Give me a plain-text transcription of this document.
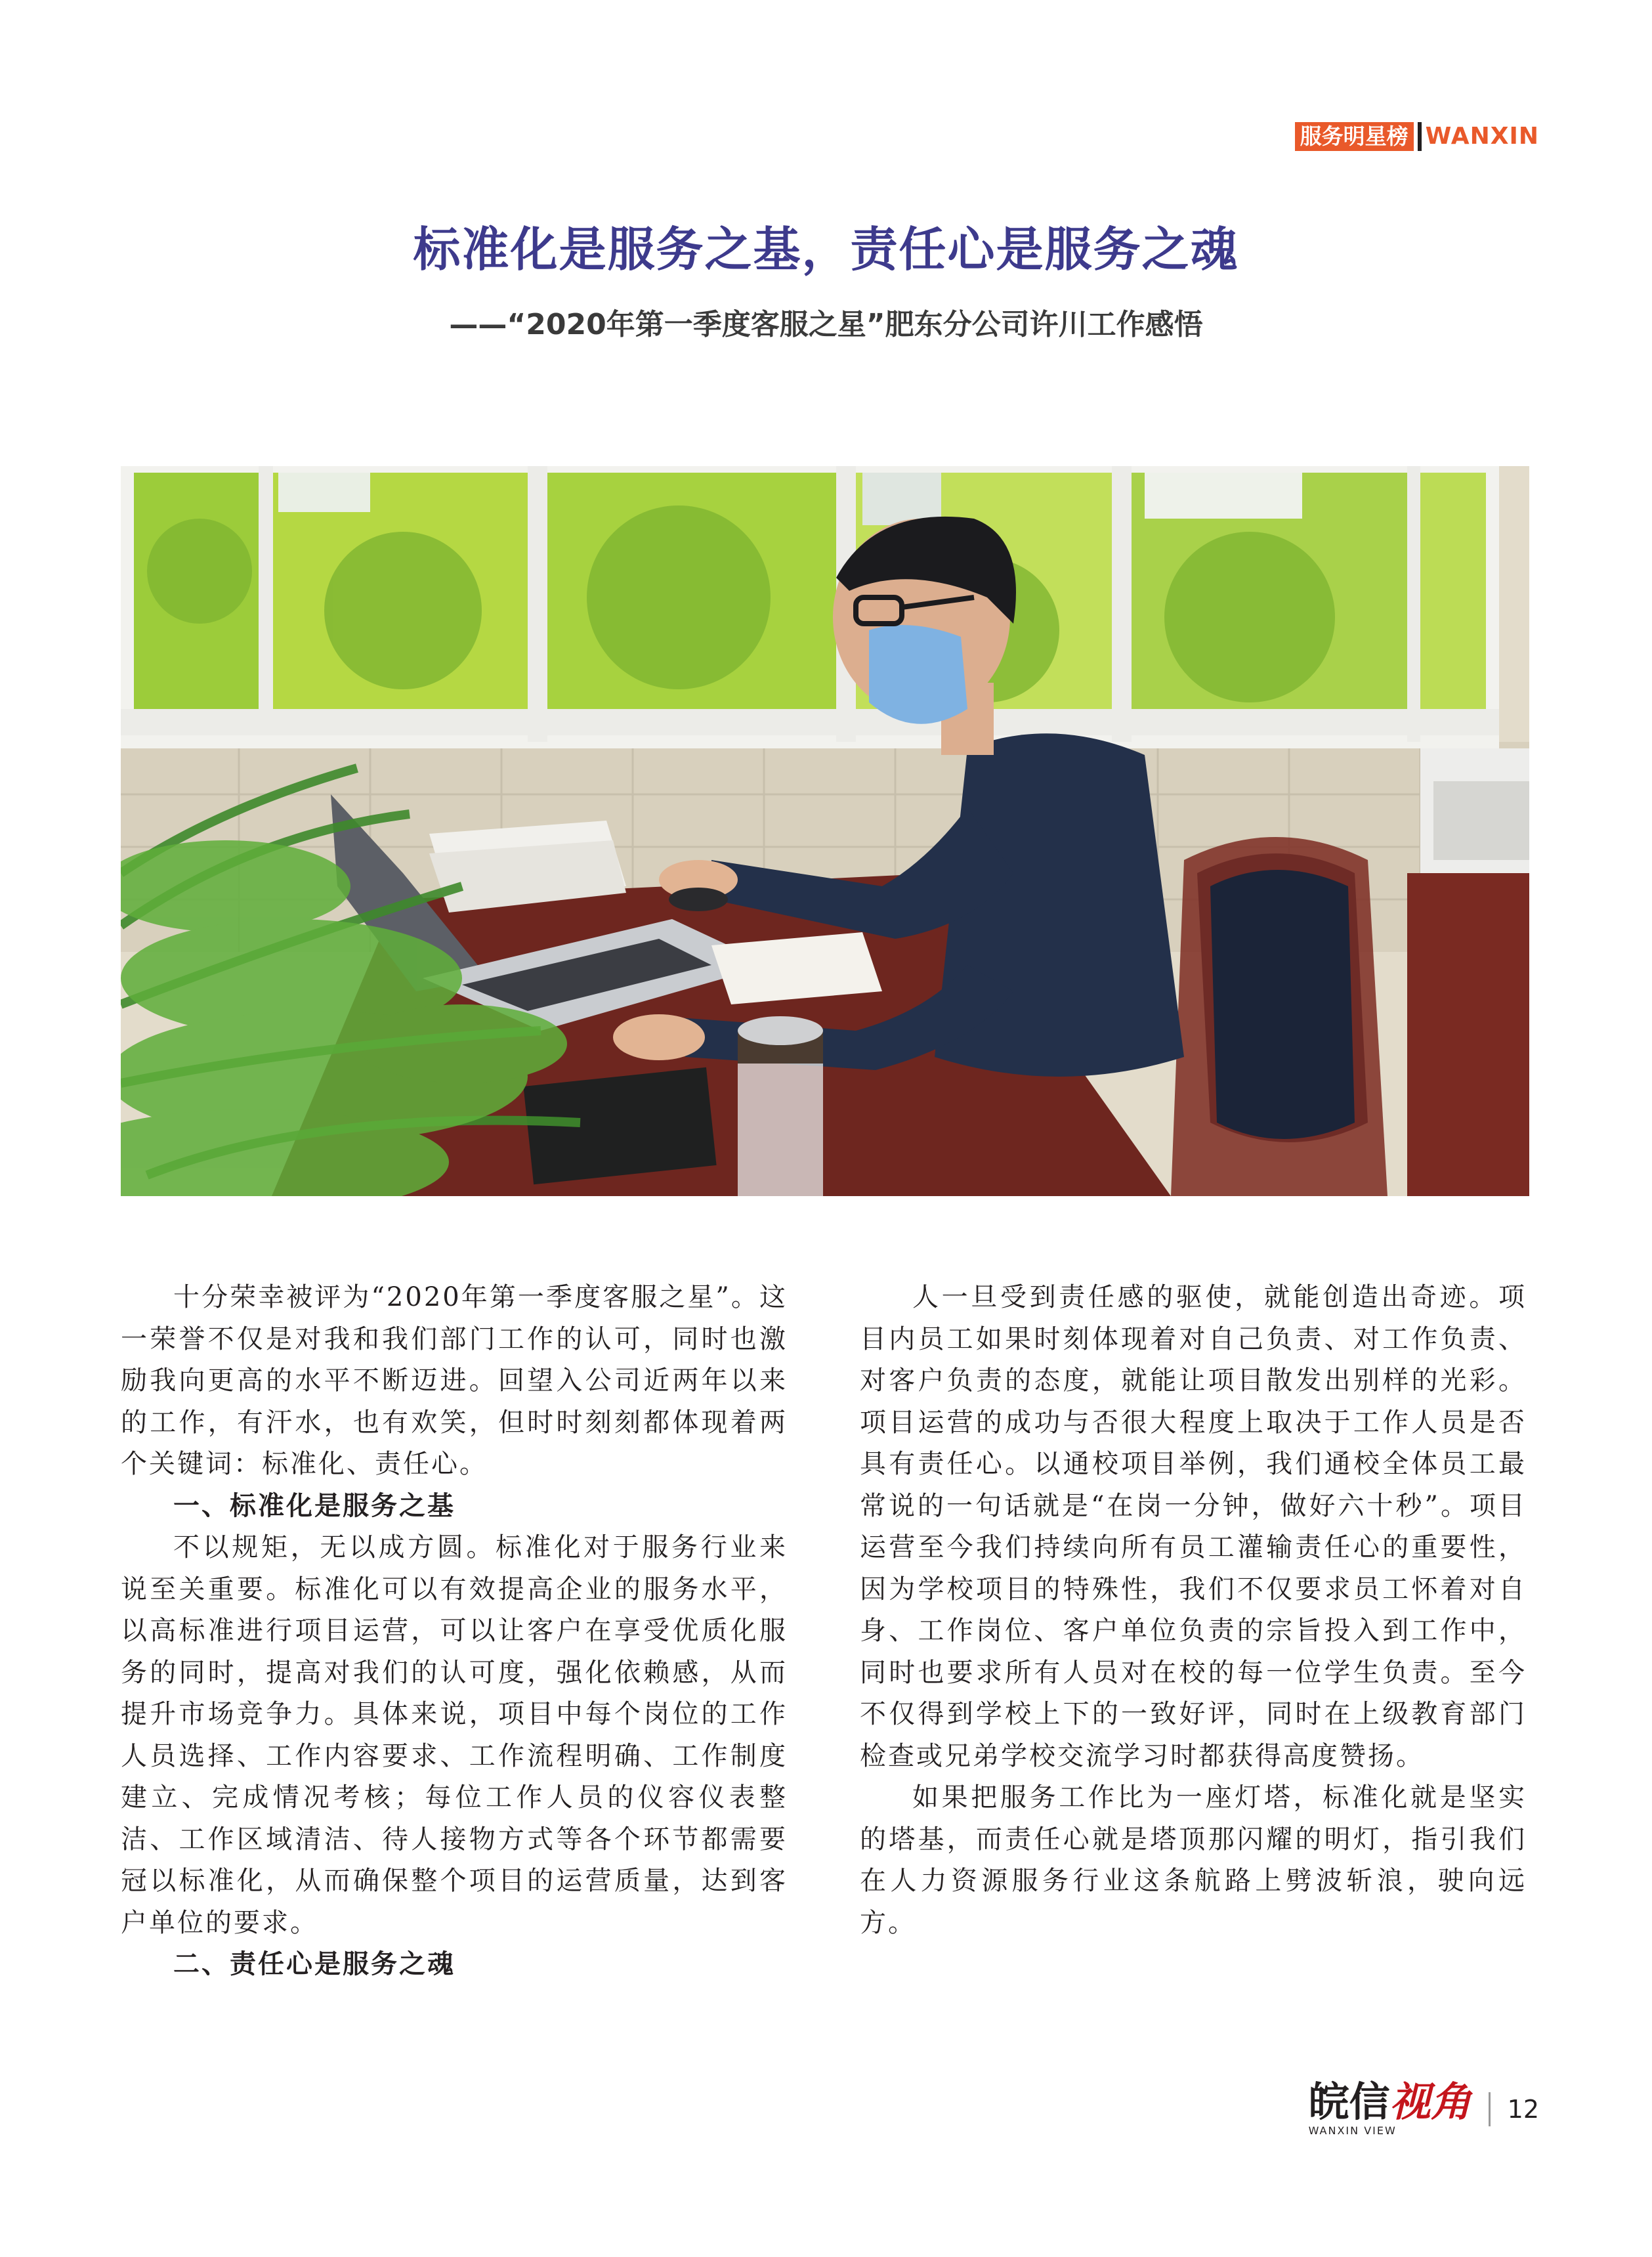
服务明星榜 WANXIN
标准化是服务之基，责任心是服务之魂
——“2020年第一季度客服之星”肥东分公司许川工作感悟

十分荣幸被评为“2020年第一季度客服之星”。这一荣誉不仅是对我和我们部门工作的认可，同时也激励我向更高的水平不断迈进。回望入公司近两年以来的工作，有汗水，也有欢笑，但时时刻刻都体现着两个关键词：标准化、责任心。

一、标准化是服务之基

不以规矩，无以成方圆。标准化对于服务行业来说至关重要。标准化可以有效提高企业的服务水平，以高标准进行项目运营，可以让客户在享受优质化服务的同时，提高对我们的认可度，强化依赖感，从而提升市场竞争力。具体来说，项目中每个岗位的工作人员选择、工作内容要求、工作流程明确、工作制度建立、完成情况考核；每位工作人员的仪容仪表整洁、工作区域清洁、待人接物方式等各个环节都需要冠以标准化，从而确保整个项目的运营质量，达到客户单位的要求。

二、责任心是服务之魂

人一旦受到责任感的驱使，就能创造出奇迹。项目内员工如果时刻体现着对自己负责、对工作负责、对客户负责的态度，就能让项目散发出别样的光彩。项目运营的成功与否很大程度上取决于工作人员是否具有责任心。以通校项目举例，我们通校全体员工最常说的一句话就是“在岗一分钟，做好六十秒”。项目运营至今我们持续向所有员工灌输责任心的重要性，因为学校项目的特殊性，我们不仅要求员工怀着对自身、工作岗位、客户单位负责的宗旨投入到工作中，同时也要求所有人员对在校的每一位学生负责。至今不仅得到学校上下的一致好评，同时在上级教育部门检查或兄弟学校交流学习时都获得高度赞扬。

如果把服务工作比为一座灯塔，标准化就是坚实的塔基，而责任心就是塔顶那闪耀的明灯，指引我们在人力资源服务行业这条航路上劈波斩浪，驶向远方。

皖信视角
WANXIN VIEW
12
